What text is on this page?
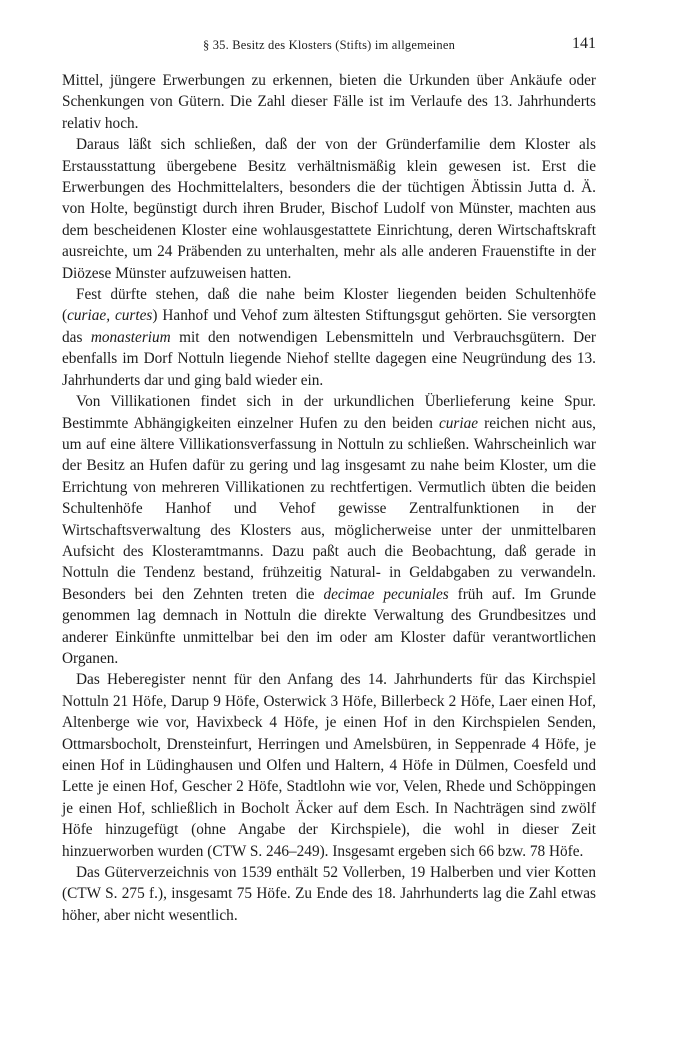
§ 35. Besitz des Klosters (Stifts) im allgemeinen	141

Mittel, jüngere Erwerbungen zu erkennen, bieten die Urkunden über Ankäufe oder Schenkungen von Gütern. Die Zahl dieser Fälle ist im Verlaufe des 13. Jahrhunderts relativ hoch.

Daraus läßt sich schließen, daß der von der Gründerfamilie dem Kloster als Erstausstattung übergebene Besitz verhältnismäßig klein gewesen ist. Erst die Erwerbungen des Hochmittelalters, besonders die der tüchtigen Äbtissin Jutta d. Ä. von Holte, begünstigt durch ihren Bruder, Bischof Ludolf von Münster, machten aus dem bescheidenen Kloster eine wohlausgestattete Einrichtung, deren Wirtschaftskraft ausreichte, um 24 Präbenden zu unterhalten, mehr als alle anderen Frauenstifte in der Diözese Münster aufzuweisen hatten.

Fest dürfte stehen, daß die nahe beim Kloster liegenden beiden Schultenhöfe (curiae, curtes) Hanhof und Vehof zum ältesten Stiftungsgut gehörten. Sie versorgten das monasterium mit den notwendigen Lebensmitteln und Verbrauchsgütern. Der ebenfalls im Dorf Nottuln liegende Niehof stellte dagegen eine Neugründung des 13. Jahrhunderts dar und ging bald wieder ein.

Von Villikationen findet sich in der urkundlichen Überlieferung keine Spur. Bestimmte Abhängigkeiten einzelner Hufen zu den beiden curiae reichen nicht aus, um auf eine ältere Villikationsverfassung in Nottuln zu schließen. Wahrscheinlich war der Besitz an Hufen dafür zu gering und lag insgesamt zu nahe beim Kloster, um die Errichtung von mehreren Villikationen zu rechtfertigen. Vermutlich übten die beiden Schultenhöfe Hanhof und Vehof gewisse Zentralfunktionen in der Wirtschaftsverwaltung des Klosters aus, möglicherweise unter der unmittelbaren Aufsicht des Klosteramtmanns. Dazu paßt auch die Beobachtung, daß gerade in Nottuln die Tendenz bestand, frühzeitig Natural- in Geldabgaben zu verwandeln. Besonders bei den Zehnten treten die decimae pecuniales früh auf. Im Grunde genommen lag demnach in Nottuln die direkte Verwaltung des Grundbesitzes und anderer Einkünfte unmittelbar bei den im oder am Kloster dafür verantwortlichen Organen.

Das Heberegister nennt für den Anfang des 14. Jahrhunderts für das Kirchspiel Nottuln 21 Höfe, Darup 9 Höfe, Osterwick 3 Höfe, Billerbeck 2 Höfe, Laer einen Hof, Altenberge wie vor, Havixbeck 4 Höfe, je einen Hof in den Kirchspielen Senden, Ottmarsbocholt, Drensteinfurt, Herringen und Amelsbüren, in Seppenrade 4 Höfe, je einen Hof in Lüdinghausen und Olfen und Haltern, 4 Höfe in Dülmen, Coesfeld und Lette je einen Hof, Gescher 2 Höfe, Stadtlohn wie vor, Velen, Rhede und Schöppingen je einen Hof, schließlich in Bocholt Äcker auf dem Esch. In Nachträgen sind zwölf Höfe hinzugefügt (ohne Angabe der Kirchspiele), die wohl in dieser Zeit hinzuerworben wurden (CTW S. 246–249). Insgesamt ergeben sich 66 bzw. 78 Höfe.

Das Güterverzeichnis von 1539 enthält 52 Vollerben, 19 Halberben und vier Kotten (CTW S. 275 f.), insgesamt 75 Höfe. Zu Ende des 18. Jahrhunderts lag die Zahl etwas höher, aber nicht wesentlich.
